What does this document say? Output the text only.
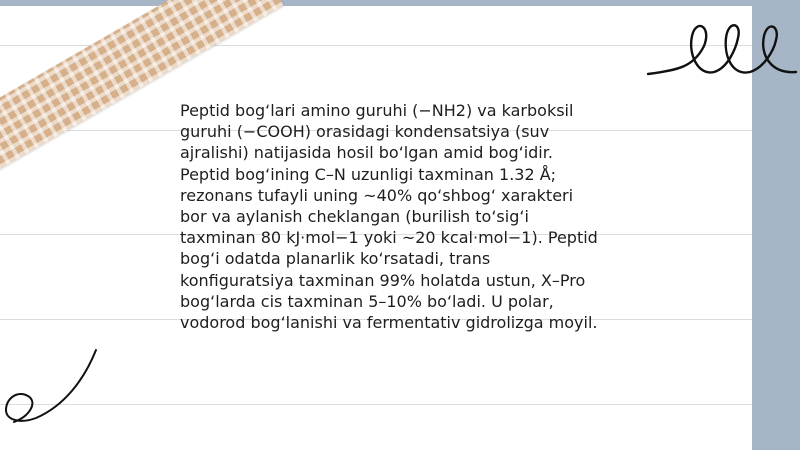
Peptid bog‘lari amino guruhi (−NH2) va karboksil guruhi (−COOH) orasidagi kondensatsiya (suv ajralishi) natijasida hosil bo‘lgan amid bog‘idir. Peptid bog‘ining C–N uzunligi taxminan 1.32 Å; rezonans tufayli uning ~40% qo‘shbog‘ xarakteri bor va aylanish cheklangan (burilish to‘sig‘i taxminan 80 kJ·mol−1 yoki ~20 kcal·mol−1). Peptid bog‘i odatda planarlik ko‘rsatadi, trans konfiguratsiya taxminan 99% holatda ustun, X–Pro bog‘larda cis taxminan 5–10% bo‘ladi. U polar, vodorod bog‘lanishi va fermentativ gidrolizga moyil.
